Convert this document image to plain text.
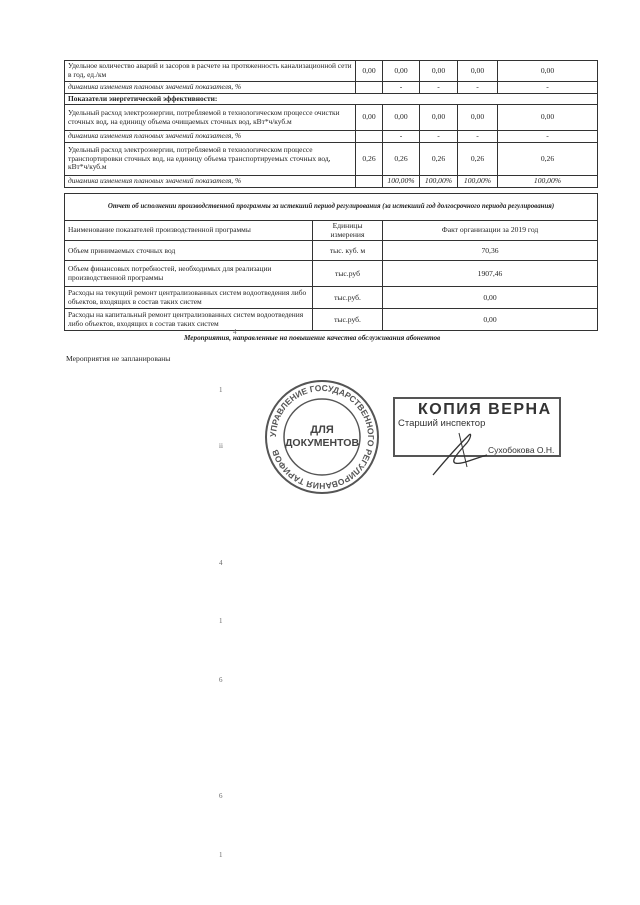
Удельное количество аварий и засоров в расчете на протяженность канализационной сети в год, ед./км	0,00	0,00	0,00	0,00	0,00
динамика изменения плановых значений показателя, %		-	-	-	-
Показатели энергетической эффективности:					
Удельный расход электроэнергии, потребляемой в технологическом процессе очистки сточных вод, на единицу объема очищаемых сточных вод, кВт*ч/куб.м	0,00	0,00	0,00	0,00	0,00
динамика изменения плановых значений показателя, %		-	-	-	-
Удельный расход электроэнергии, потребляемой в технологическом процессе транспортировки сточных вод, на единицу объема транспортируемых сточных вод, кВт*ч/куб.м	0,26	0,26	0,26	0,26	0,26
динамика изменения плановых значений показателя, %		100,00%	100,00%	100,00%	100,00%
Отчет об исполнении производственной программы за истекший период регулирования (за истекший год долгосрочного периода регулирования)		
Наименование показателей производственной программы	Единицы измерения	Факт организации за 2019 год
Объем принимаемых сточных вод	тыс. куб. м	70,36
Объем финансовых потребностей, необходимых для реализации производственной программы	тыс.руб	1907,46
Расходы на текущий ремонт централизованных систем водоотведения либо объектов, входящих в состав таких систем	тыс.руб.	0,00
Расходы на капитальный ремонт централизованных систем водоотведения либо объектов, входящих в состав таких систем	тыс.руб.	0,00
Мероприятия, направленные на повышение качества обслуживания абонентов
Мероприятия не запланированы
4
1
ii
4
1
6
6
1
УПРАВЛЕНИЕ ГОСУДАРСТВЕННОГО РЕГУЛИРОВАНИЯ ТАРИФОВ
ДЛЯ
ДОКУМЕНТОВ
КОПИЯ ВЕРНА
Старший инспектор
Сухобокова О.Н.
